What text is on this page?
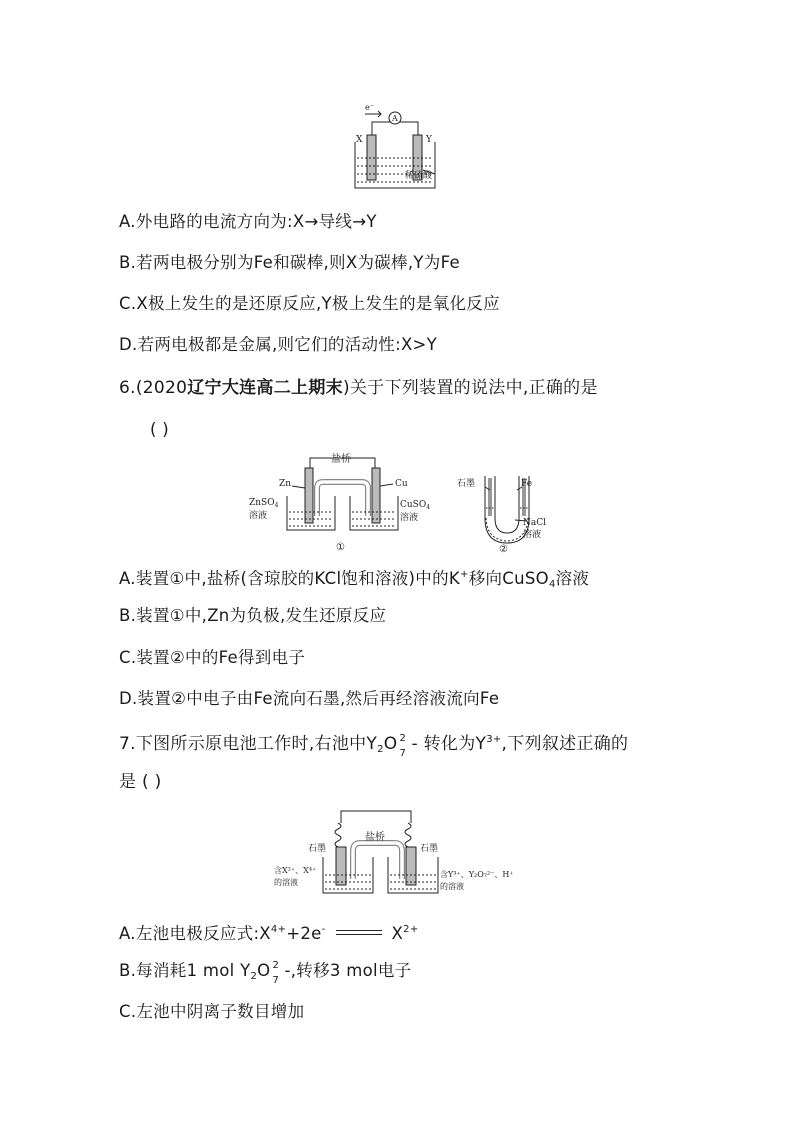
e⁻
A
X	Y
稀硫酸
A.外电路的电流方向为:X→导线→Y
B.若两电极分别为Fe和碳棒,则X为碳棒,Y为Fe
C.X极上发生的是还原反应,Y极上发生的是氧化反应
D.若两电极都是金属,则它们的活动性:X>Y
6.(2020辽宁大连高二上期末)关于下列装置的说法中,正确的是
( )
盐桥
Zn	Cu
ZnSO$_4$
溶液
CuSO$_4$
溶液
①
石墨	Fe
NaCl
溶液
②
A.装置①中,盐桥(含琼胶的KCl饱和溶液)中的K+移向CuSO$_4$溶液
B.装置①中,Zn为负极,发生还原反应
C.装置②中的Fe得到电子
D.装置②中电子由Fe流向石墨,然后再经溶液流向Fe
7.下图所示原电池工作时,右池中$Y_2O$ 2
7 - 转化为$Y^{3+}$,下列叙述正确的
是 ( )
盐桥
石墨	石墨
含X²⁺、X⁴⁺
的溶液
含Y³⁺、Y₂O₇²⁻、H⁺
的溶液
A.左池电极反应式$:X^{4+}+2e^-$	$X^{2+}$
B.每消耗1 mol $Y_2O$ 2
7
-,转移3 mol电子
C.左池中阴离子数目增加
